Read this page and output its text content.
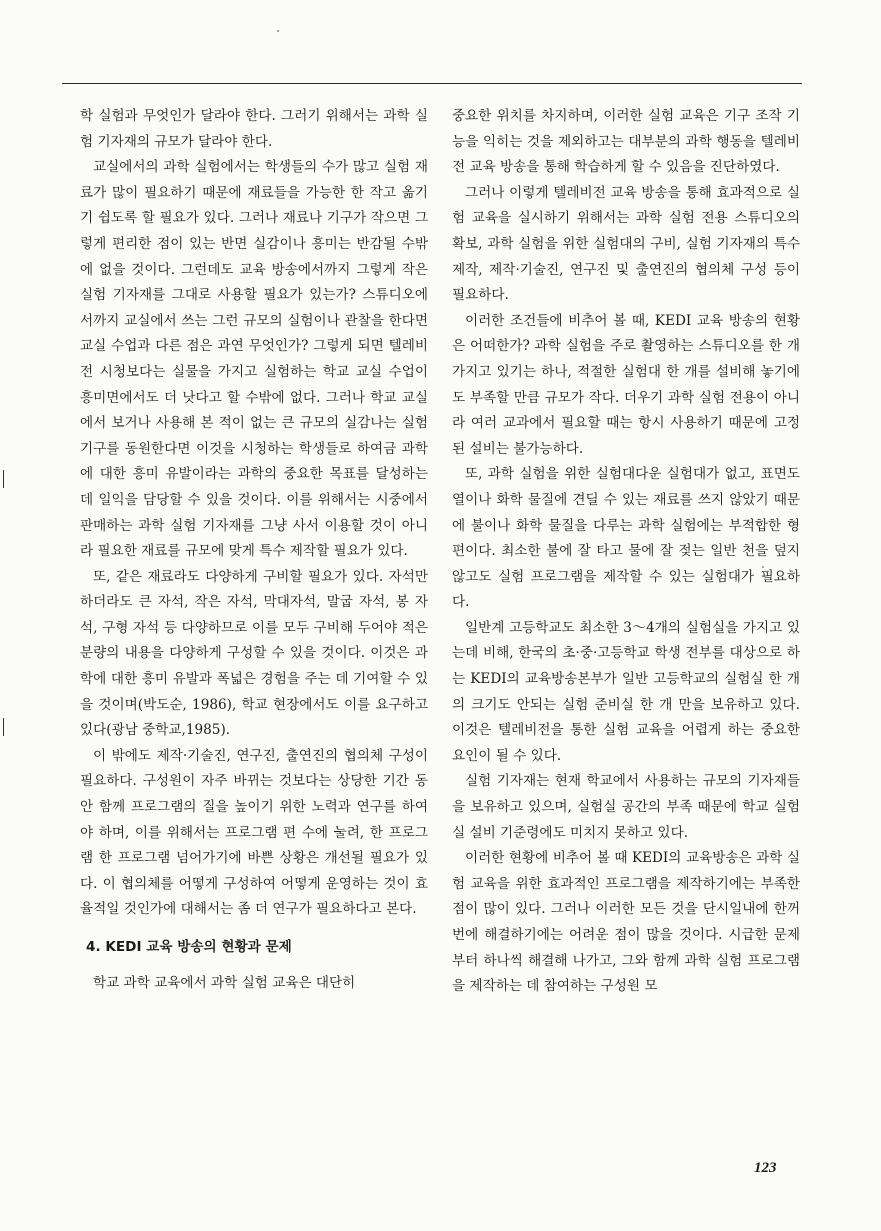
학 실험과 무엇인가 달라야 한다. 그러기 위해서는 과학 실험 기자재의 규모가 달라야 한다.

교실에서의 과학 실험에서는 학생들의 수가 많고 실험 재료가 많이 필요하기 때문에 재료들을 가능한 한 작고 옮기기 쉽도록 할 필요가 있다. 그러나 재료나 기구가 작으면 그렇게 편리한 점이 있는 반면 실감이나 흥미는 반감될 수밖에 없을 것이다. 그런데도 교육 방송에서까지 그렇게 작은 실험 기자재를 그대로 사용할 필요가 있는가? 스튜디오에서까지 교실에서 쓰는 그런 규모의 실험이나 관찰을 한다면 교실 수업과 다른 점은 과연 무엇인가? 그렇게 되면 텔레비전 시청보다는 실물을 가지고 실험하는 학교 교실 수업이 흥미면에서도 더 낫다고 할 수밖에 없다. 그러나 학교 교실에서 보거나 사용해 본 적이 없는 큰 규모의 실감나는 실험 기구를 동원한다면 이것을 시청하는 학생들로 하여금 과학에 대한 흥미 유발이라는 과학의 중요한 목표를 달성하는 데 일익을 담당할 수 있을 것이다. 이를 위해서는 시중에서 판매하는 과학 실험 기자재를 그냥 사서 이용할 것이 아니라 필요한 재료를 규모에 맞게 특수 제작할 필요가 있다.

또, 같은 재료라도 다양하게 구비할 필요가 있다. 자석만 하더라도 큰 자석, 작은 자석, 막대자석, 말굽 자석, 봉 자석, 구형 자석 등 다양하므로 이를 모두 구비해 두어야 적은 분량의 내용을 다양하게 구성할 수 있을 것이다. 이것은 과학에 대한 흥미 유발과 폭넓은 경험을 주는 데 기여할 수 있을 것이며(박도순, 1986), 학교 현장에서도 이를 요구하고 있다(광남 중학교,1985).

이 밖에도 제작·기술진, 연구진, 출연진의 협의체 구성이 필요하다. 구성원이 자주 바뀌는 것보다는 상당한 기간 동안 함께 프로그램의 질을 높이기 위한 노력과 연구를 하여야 하며, 이를 위해서는 프로그램 편 수에 눌려, 한 프로그램 한 프로그램 넘어가기에 바쁜 상황은 개선될 필요가 있다. 이 협의체를 어떻게 구성하여 어떻게 운영하는 것이 효율적일 것인가에 대해서는 좀 더 연구가 필요하다고 본다.

4. KEDI 교육 방송의 현황과 문제

학교 과학 교육에서 과학 실험 교육은 대단히

중요한 위치를 차지하며, 이러한 실험 교육은 기구 조작 기능을 익히는 것을 제외하고는 대부분의 과학 행동을 텔레비전 교육 방송을 통해 학습하게 할 수 있음을 진단하였다.

그러나 이렇게 텔레비전 교육 방송을 통해 효과적으로 실험 교육을 실시하기 위해서는 과학 실험 전용 스튜디오의 확보, 과학 실험을 위한 실험대의 구비, 실험 기자재의 특수 제작, 제작·기술진, 연구진 및 출연진의 협의체 구성 등이 필요하다.

이러한 조건들에 비추어 볼 때, KEDI 교육 방송의 현황은 어떠한가? 과학 실험을 주로 촬영하는 스튜디오를 한 개 가지고 있기는 하나, 적절한 실험대 한 개를 설비해 놓기에도 부족할 만큼 규모가 작다. 더우기 과학 실험 전용이 아니라 여러 교과에서 필요할 때는 항시 사용하기 때문에 고정된 설비는 불가능하다.

또, 과학 실험을 위한 실험대다운 실험대가 없고, 표면도 열이나 화학 물질에 견딜 수 있는 재료를 쓰지 않았기 때문에 불이나 화학 물질을 다루는 과학 실험에는 부적합한 형편이다. 최소한 불에 잘 타고 물에 잘 젖는 일반 천을 덮지 않고도 실험 프로그램을 제작할 수 있는 실험대가 필요하다.

일반계 고등학교도 최소한 3～4개의 실험실을 가지고 있는데 비해, 한국의 초·중·고등학교 학생 전부를 대상으로 하는 KEDI의 교육방송본부가 일반 고등학교의 실험실 한 개의 크기도 안되는 실험 준비실 한 개 만을 보유하고 있다. 이것은 텔레비전을 통한 실험 교육을 어렵게 하는 중요한 요인이 될 수 있다.

실험 기자재는 현재 학교에서 사용하는 규모의 기자재들을 보유하고 있으며, 실험실 공간의 부족 때문에 학교 실험실 설비 기준령에도 미치지 못하고 있다.

이러한 현황에 비추어 볼 때 KEDI의 교육방송은 과학 실험 교육을 위한 효과적인 프로그램을 제작하기에는 부족한 점이 많이 있다. 그러나 이러한 모든 것을 단시일내에 한꺼번에 해결하기에는 어려운 점이 많을 것이다. 시급한 문제부터 하나씩 해결해 나가고, 그와 함께 과학 실험 프로그램을 제작하는 데 참여하는 구성원 모

123
